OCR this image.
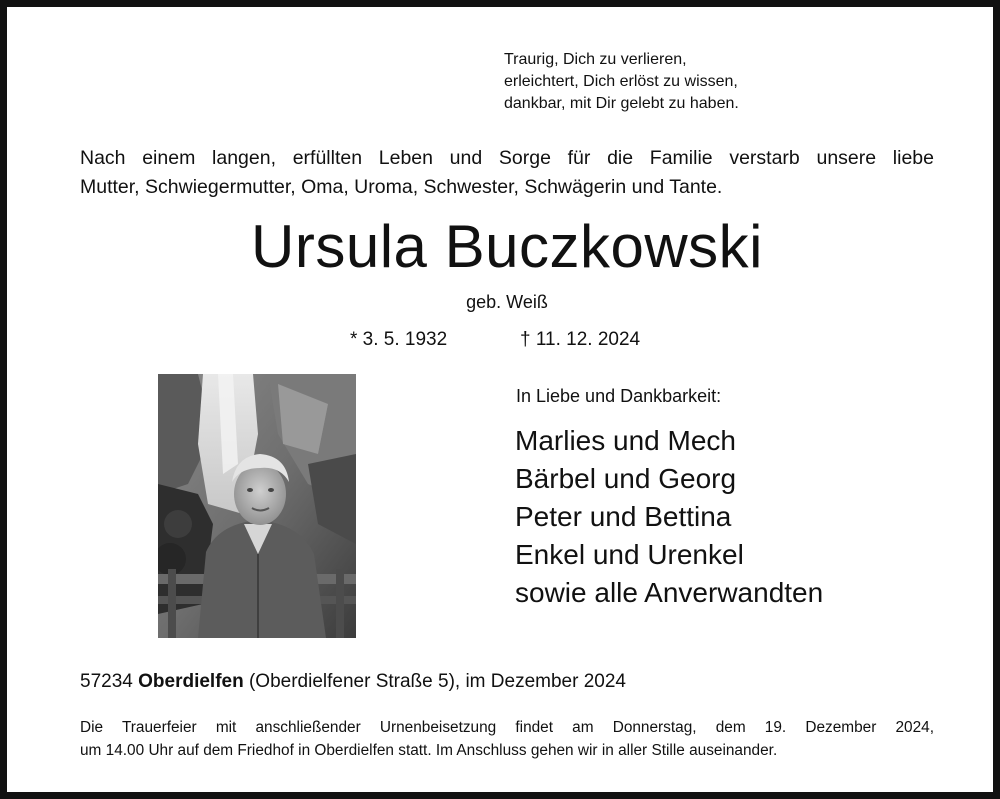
Traurig, Dich zu verlieren,
erleichtert, Dich erlöst zu wissen,
dankbar, mit Dir gelebt zu haben.
Nach einem langen, erfüllten Leben und Sorge für die Familie verstarb unsere liebe
Mutter, Schwiegermutter, Oma, Uroma, Schwester, Schwägerin und Tante.
Ursula Buczkowski
geb. Weiß
* 3. 5. 1932	† 11. 12. 2024
In Liebe und Dankbarkeit:
Marlies und Mech
Bärbel und Georg
Peter und Bettina
Enkel und Urenkel
sowie alle Anverwandten
57234 Oberdielfen (Oberdielfener Straße 5), im Dezember 2024
Die Trauerfeier mit anschließender Urnenbeisetzung findet am Donnerstag, dem 19. Dezember 2024,
um 14.00 Uhr auf dem Friedhof in Oberdielfen statt. Im Anschluss gehen wir in aller Stille auseinander.
